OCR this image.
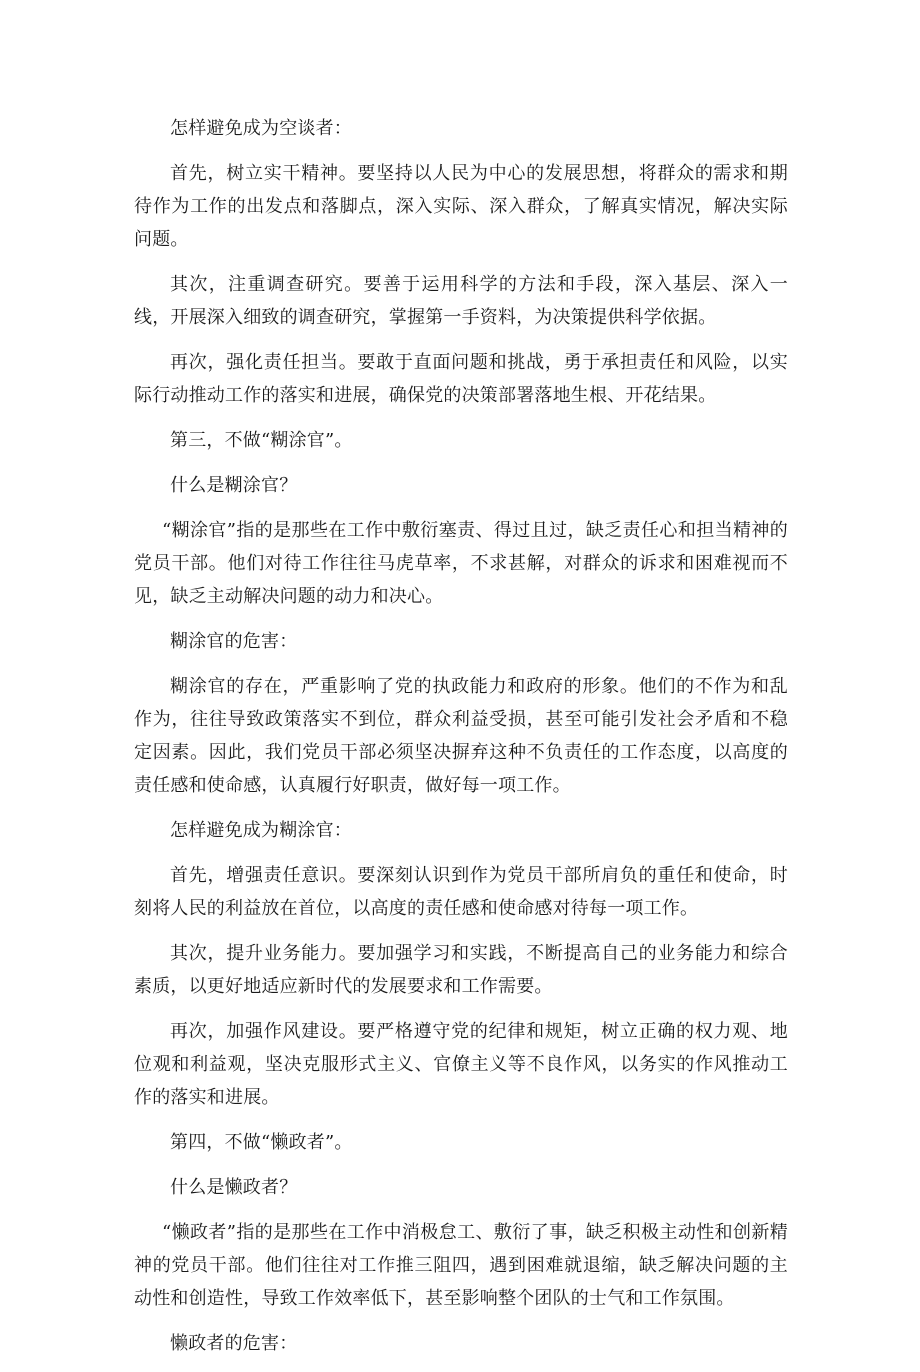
怎样避免成为空谈者：

首先，树立实干精神。要坚持以人民为中心的发展思想，将群众的需求和期待作为工作的出发点和落脚点，深入实际、深入群众，了解真实情况，解决实际问题。

其次，注重调查研究。要善于运用科学的方法和手段，深入基层、深入一线，开展深入细致的调查研究，掌握第一手资料，为决策提供科学依据。

再次，强化责任担当。要敢于直面问题和挑战，勇于承担责任和风险，以实际行动推动工作的落实和进展，确保党的决策部署落地生根、开花结果。

第三，不做“糊涂官”。

什么是糊涂官？

“糊涂官”指的是那些在工作中敷衍塞责、得过且过，缺乏责任心和担当精神的党员干部。他们对待工作往往马虎草率，不求甚解，对群众的诉求和困难视而不见，缺乏主动解决问题的动力和决心。

糊涂官的危害：

糊涂官的存在，严重影响了党的执政能力和政府的形象。他们的不作为和乱作为，往往导致政策落实不到位，群众利益受损，甚至可能引发社会矛盾和不稳定因素。因此，我们党员干部必须坚决摒弃这种不负责任的工作态度，以高度的责任感和使命感，认真履行好职责，做好每一项工作。

怎样避免成为糊涂官：

首先，增强责任意识。要深刻认识到作为党员干部所肩负的重任和使命，时刻将人民的利益放在首位，以高度的责任感和使命感对待每一项工作。

其次，提升业务能力。要加强学习和实践，不断提高自己的业务能力和综合素质，以更好地适应新时代的发展要求和工作需要。

再次，加强作风建设。要严格遵守党的纪律和规矩，树立正确的权力观、地位观和利益观，坚决克服形式主义、官僚主义等不良作风，以务实的作风推动工作的落实和进展。

第四，不做“懒政者”。

什么是懒政者？

“懒政者”指的是那些在工作中消极怠工、敷衍了事，缺乏积极主动性和创新精神的党员干部。他们往往对工作推三阻四，遇到困难就退缩，缺乏解决问题的主动性和创造性，导致工作效率低下，甚至影响整个团队的士气和工作氛围。

懒政者的危害：
